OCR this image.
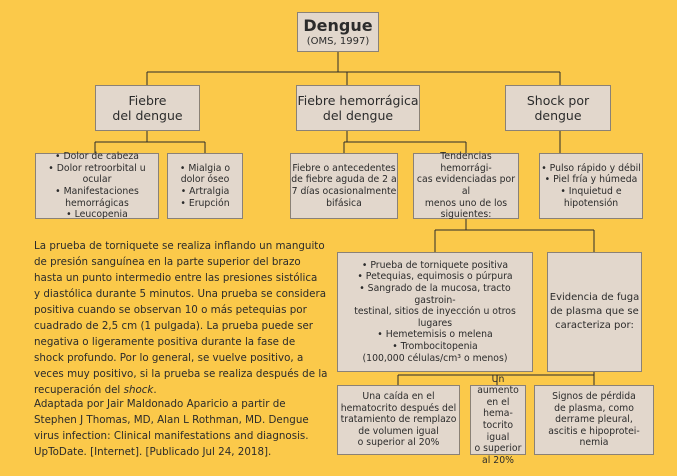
Dengue
(OMS, 1997)
Fiebre
del dengue
Fiebre hemorrágica
del dengue
Shock por
dengue
• Dolor de cabeza
• Dolor retroorbital u ocular
• Manifestaciones
hemorrágicas
• Leucopenia
• Mialgia o
dolor óseo
• Artralgia
• Erupción
Fiebre o antecedentes
de fiebre aguda de 2 a
7 días ocasionalmente
bifásica
Tendencias hemorrági-
cas evidenciadas por al
menos uno de los
siguientes:
• Pulso rápido y débil
• Piel fría y húmeda
• Inquietud e
hipotensión
• Prueba de torniquete positiva
• Petequias, equimosis o púrpura
• Sangrado de la mucosa, tracto gastroin-
testinal, sitios de inyección u otros lugares
• Hemetemisis o melena
• Trombocitopenia
(100,000 células/cm³ o menos)
Evidencia de fuga
de plasma que se
caracteriza por:
Una caída en el
hematocrito después del
tratamiento de remplazo
de volumen igual
o superior al 20%
Un aumento
en el hema-
tocrito igual
o superior
al 20%
Signos de pérdida
de plasma, como
derrame pleural,
ascitis e hipoprotei-
nemia
La prueba de torniquete se realiza inflando un manguito
de presión sanguínea en la parte superior del brazo
hasta un punto intermedio entre las presiones sistólica
y diastólica durante 5 minutos. Una prueba se considera
positiva cuando se observan 10 o más petequias por
cuadrado de 2,5 cm (1 pulgada). La prueba puede ser
negativa o ligeramente positiva durante la fase de
shock profundo. Por lo general, se vuelve positivo, a
veces muy positivo, si la prueba se realiza después de la
recuperación del shock.
Adaptada por Jair Maldonado Aparicio a partir de
Stephen J Thomas, MD, Alan L Rothman, MD. Dengue
virus infection: Clinical manifestations and diagnosis.
UpToDate. [Internet]. [Publicado Jul 24, 2018].
